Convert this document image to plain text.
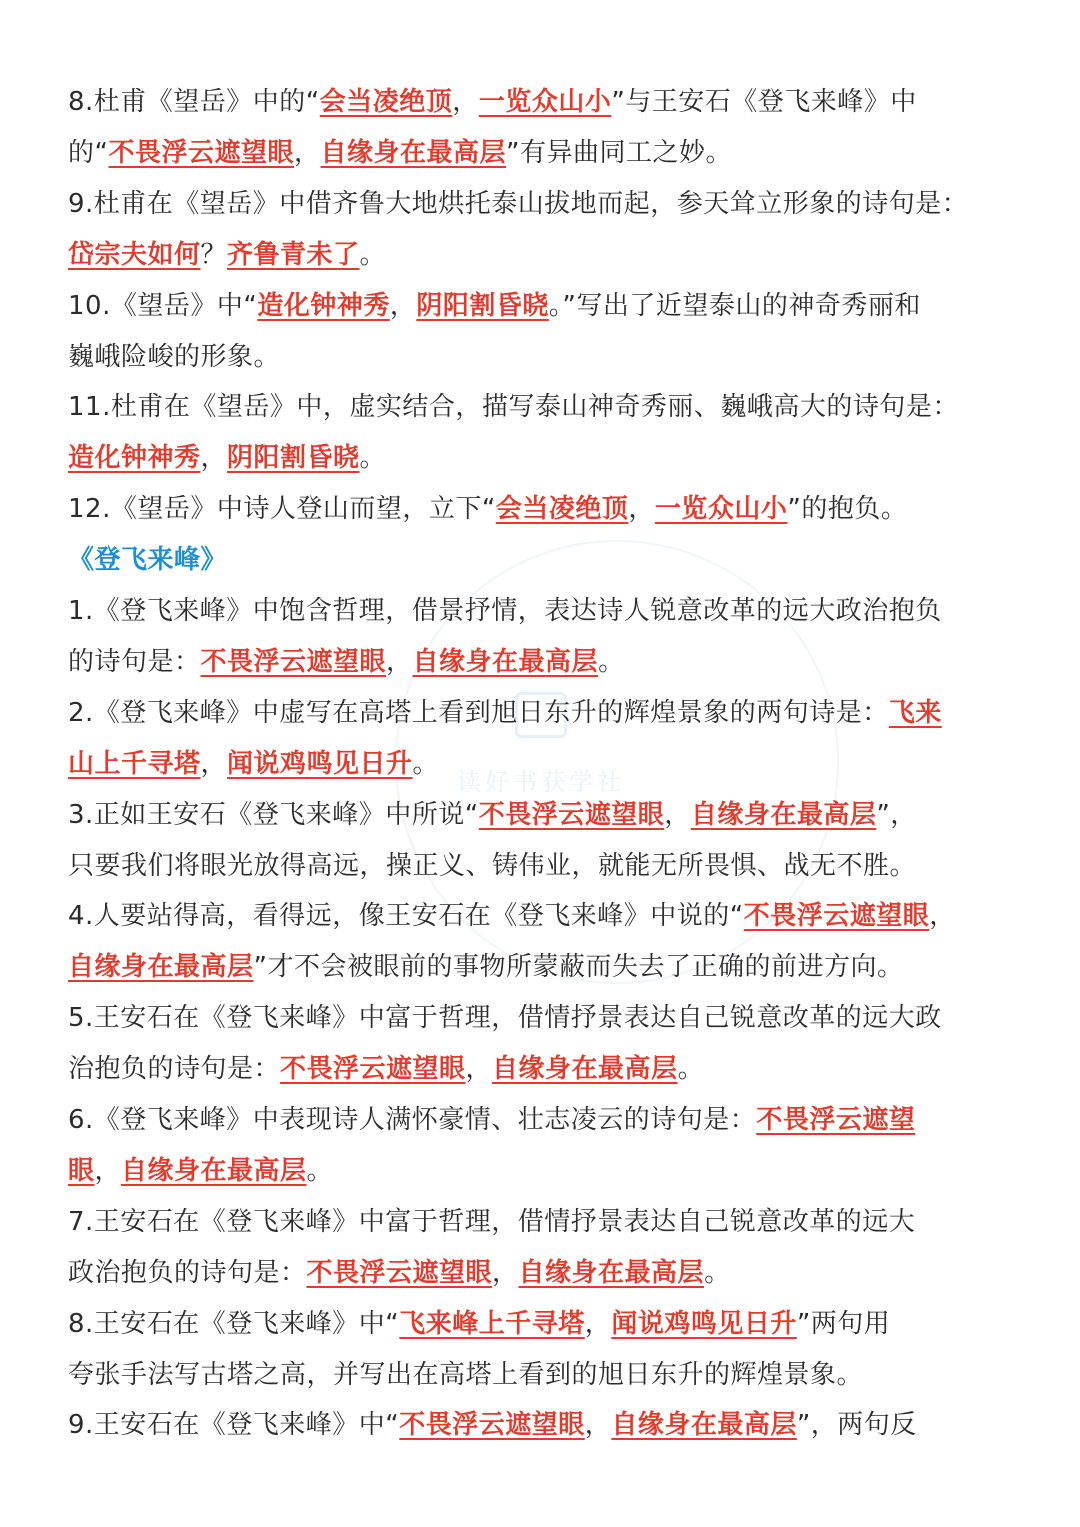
读好书获学社
8.杜甫《望岳》中的“会当凌绝顶，一览众山小”与王安石《登飞来峰》中
的“不畏浮云遮望眼，自缘身在最高层”有异曲同工之妙。
9.杜甫在《望岳》中借齐鲁大地烘托泰山拔地而起，参天耸立形象的诗句是：
岱宗夫如何？齐鲁青未了。
10.《望岳》中“造化钟神秀，阴阳割昏晓。”写出了近望泰山的神奇秀丽和
巍峨险峻的形象。
11.杜甫在《望岳》中，虚实结合，描写泰山神奇秀丽、巍峨高大的诗句是：
造化钟神秀，阴阳割昏晓。
12.《望岳》中诗人登山而望，立下“会当凌绝顶，一览众山小”的抱负。
《登飞来峰》
1.《登飞来峰》中饱含哲理，借景抒情，表达诗人锐意改革的远大政治抱负
的诗句是：不畏浮云遮望眼，自缘身在最高层。
2.《登飞来峰》中虚写在高塔上看到旭日东升的辉煌景象的两句诗是：飞来
山上千寻塔，闻说鸡鸣见日升。
3.正如王安石《登飞来峰》中所说“不畏浮云遮望眼，自缘身在最高层”，
只要我们将眼光放得高远，操正义、铸伟业，就能无所畏惧、战无不胜。
4.人要站得高，看得远，像王安石在《登飞来峰》中说的“不畏浮云遮望眼，
自缘身在最高层”才不会被眼前的事物所蒙蔽而失去了正确的前进方向。
5.王安石在《登飞来峰》中富于哲理，借情抒景表达自己锐意改革的远大政
治抱负的诗句是：不畏浮云遮望眼，自缘身在最高层。
6.《登飞来峰》中表现诗人满怀豪情、壮志凌云的诗句是：不畏浮云遮望
眼，自缘身在最高层。
7.王安石在《登飞来峰》中富于哲理，借情抒景表达自己锐意改革的远大
政治抱负的诗句是：不畏浮云遮望眼，自缘身在最高层。
8.王安石在《登飞来峰》中“飞来峰上千寻塔，闻说鸡鸣见日升”两句用
夸张手法写古塔之高，并写出在高塔上看到的旭日东升的辉煌景象。
9.王安石在《登飞来峰》中“不畏浮云遮望眼，自缘身在最高层”，两句反
